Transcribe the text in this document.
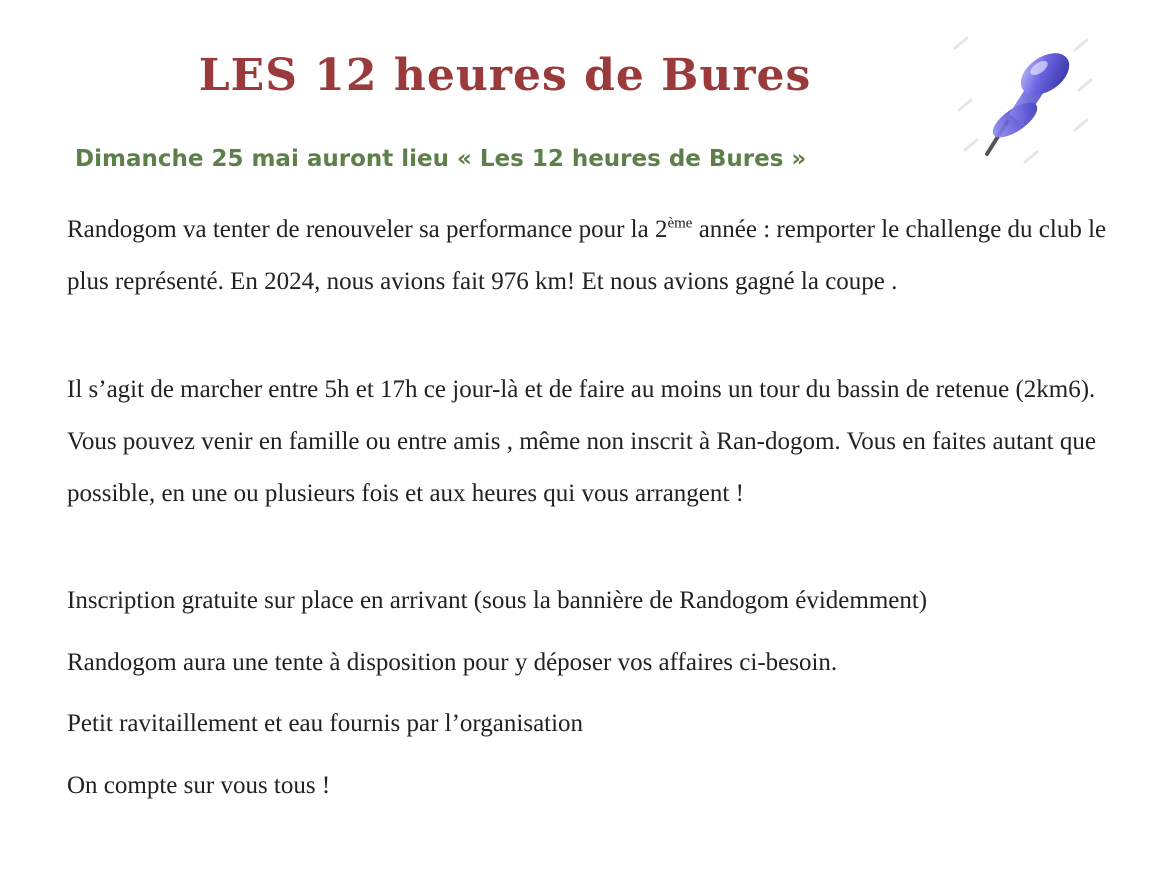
LES 12 heures de Bures

Dimanche 25 mai auront lieu « Les 12 heures de Bures »

Randogom va tenter de renouveler sa performance pour la 2ème année : remporter le challenge du club le plus représenté. En 2024, nous avions fait 976 km! Et nous avions gagné la coupe .

Il s’agit de marcher entre 5h et 17h ce jour-là et de faire au moins un tour du bassin de retenue (2km6). Vous pouvez venir en famille ou entre amis , même non inscrit à Ran-dogom. Vous en faites autant que possible, en une ou plusieurs fois et aux heures qui vous arrangent !

Inscription gratuite sur place en arrivant (sous la bannière de Randogom évidemment)

Randogom aura une tente à disposition pour y déposer vos affaires ci-besoin.

Petit ravitaillement et eau fournis par l’organisation

On compte sur vous tous !
